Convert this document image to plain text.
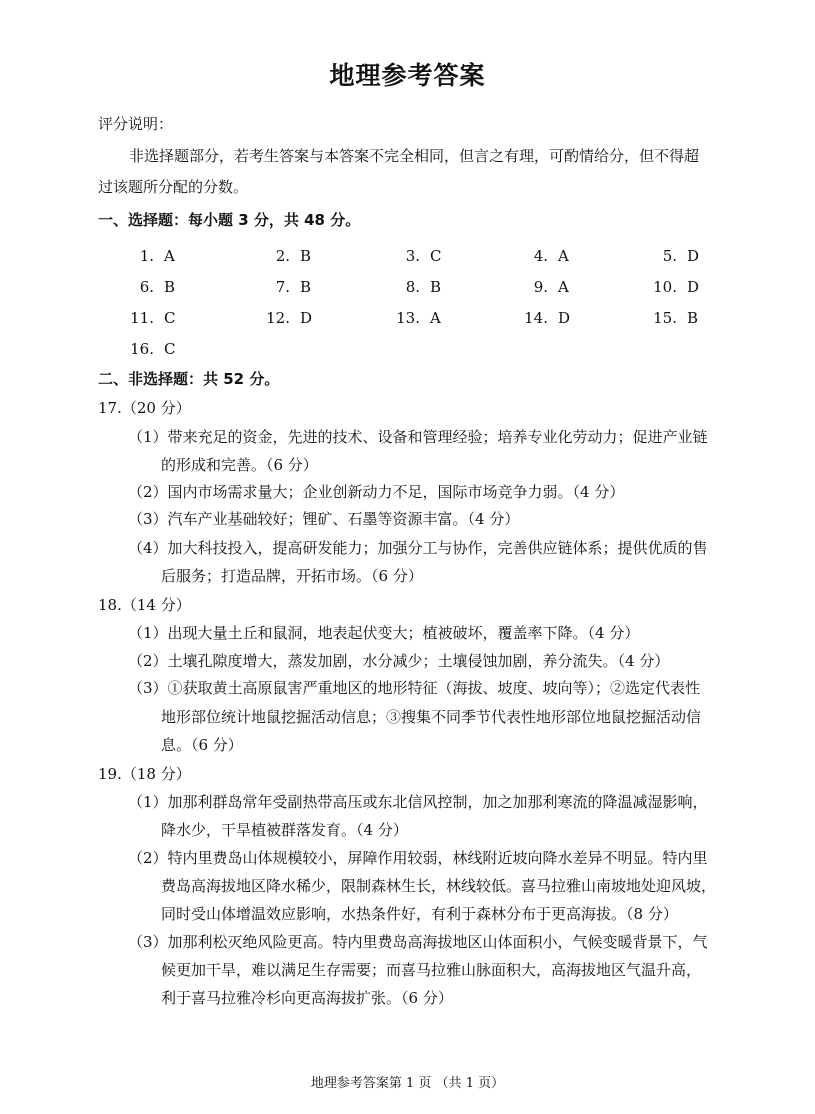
地理参考答案
评分说明：
非选择题部分，若考生答案与本答案不完全相同，但言之有理，可酌情给分，但不得超
过该题所分配的分数。
一、选择题：每小题 3 分，共 48 分。
1. A	2. B	3. C	4. A	5. D
6. B	7. B	8. B	9. A	10. D
11. C	12. D	13. A	14. D	15. B
16. C
二、非选择题：共 52 分。
17.（20 分）
（1）带来充足的资金，先进的技术、设备和管理经验；培养专业化劳动力；促进产业链
的形成和完善。（6 分）
（2）国内市场需求量大；企业创新动力不足，国际市场竞争力弱。（4 分）
（3）汽车产业基础较好；锂矿、石墨等资源丰富。（4 分）
（4）加大科技投入，提高研发能力；加强分工与协作，完善供应链体系；提供优质的售
后服务；打造品牌，开拓市场。（6 分）
18.（14 分）
（1）出现大量土丘和鼠洞，地表起伏变大；植被破坏，覆盖率下降。（4 分）
（2）土壤孔隙度增大，蒸发加剧，水分减少；土壤侵蚀加剧，养分流失。（4 分）
（3）①获取黄土高原鼠害严重地区的地形特征（海拔、坡度、坡向等）；②选定代表性
地形部位统计地鼠挖掘活动信息；③搜集不同季节代表性地形部位地鼠挖掘活动信
息。（6 分）
19.（18 分）
（1）加那利群岛常年受副热带高压或东北信风控制，加之加那利寒流的降温减湿影响，
降水少，干旱植被群落发育。（4 分）
（2）特内里费岛山体规模较小，屏障作用较弱，林线附近坡向降水差异不明显。特内里
费岛高海拔地区降水稀少，限制森林生长，林线较低。喜马拉雅山南坡地处迎风坡，
同时受山体增温效应影响，水热条件好，有利于森林分布于更高海拔。（8 分）
（3）加那利松灭绝风险更高。特内里费岛高海拔地区山体面积小，气候变暖背景下，气
候更加干旱，难以满足生存需要；而喜马拉雅山脉面积大，高海拔地区气温升高，
利于喜马拉雅冷杉向更高海拔扩张。（6 分）
地理参考答案第 1 页 （共 1 页）
